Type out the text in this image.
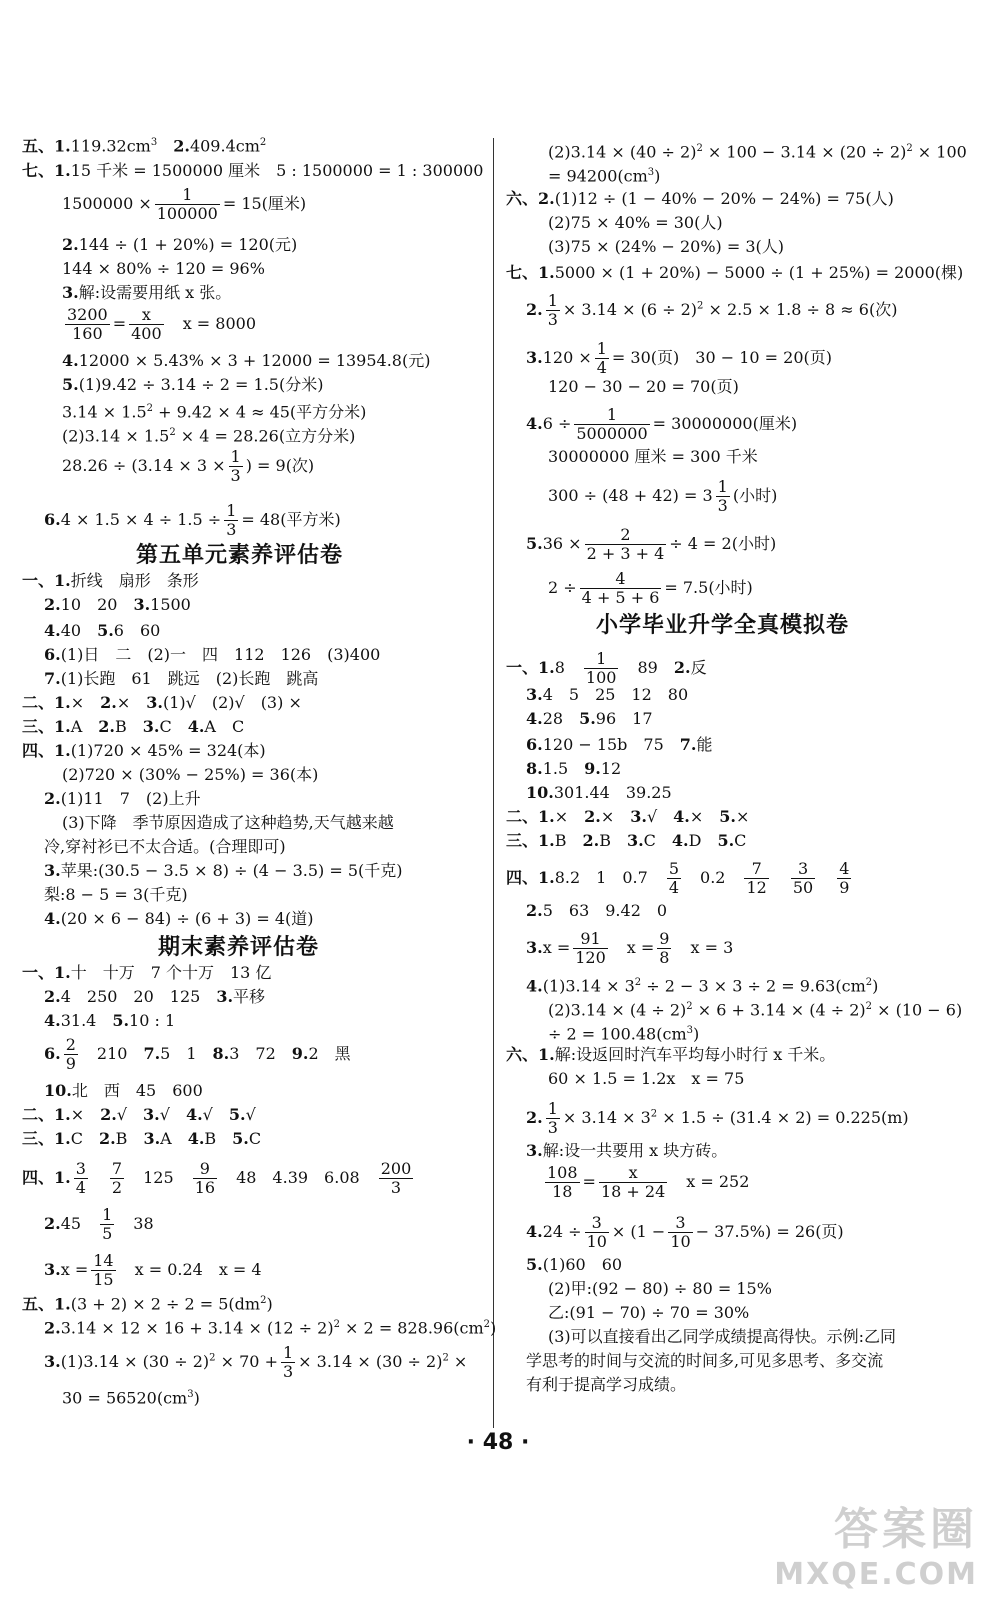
五、$1.119.32cm^3$　 $2.409.4cm^2$
七、1.15 千米 = 1500000 厘米　5 : 1500000 = 1 : 300000
$1500000 \times \frac{1}{100000} = 15$(厘米)
2.144 ÷ (1 + 20%) = 120(元)
144 × 80% ÷ 120 = 96%
3.解:设需要用纸 x 张。
$\frac{3200}{160} = \frac{x}{400}$
　 x = 8000
4.12000 × 5.43% × 3 + 12000 = 13954.8(元)
5.(1)9.42 ÷ 3.14 ÷ 2 = 1.5(分米)
$3.14 \times 1.5^2 + 9.42 \times 4 \approx 45$(平方分米)
$(2)3.14 \times 1.5^2 \times 4 = 28.26$(立方分米)
$28.26 \div (3.14 \times 3 \times \frac{1}{3}$ ) = 9(次)
$6.4 \times 1.5 \times 4 \div 1.5 \div \frac{1}{3} = 48$(平方米)
第五单元素养评估卷
一、1.折线　扇形　条形
2.10　20　3.1500
4.40　5.6　60
6.(1)日　二　(2)一　四　112　126　(3)400
7.(1)长跑　61　跳远　(2)长跑　跳高
二、1.×　2.×　3.(1)√　(2)√　(3) ×
三、1.A　2.B　3.C　4.A　C
四、1.(1)720 × 45% = 324(本)
(2)720 × (30% − 25%) = 36(本)
2.(1)11　7　(2)上升
(3)下降　季节原因造成了这种趋势,天气越来越
冷,穿衬衫已不太合适。(合理即可)
3.苹果:(30.5 − 3.5 × 8) ÷ (4 − 3.5) = 5(千克)
梨:8 − 5 = 3(千克)
4.(20 × 6 − 84) ÷ (6 + 3) = 4(道)
期末素养评估卷
一、1.十　十万　7 个十万　13 亿
2.4　250　20　125　3.平移
4.31.4　5.10 : 1
6. $\frac{2}{9}$
　 210　7.5　1　8.3　72　9.2　黑
10.北　西　45　600
二、1.×　2.√　3.√　4.√　5.√
三、1.C　2.B　3.A　4.B　5.C
四、1. $\frac{3}{4}$
　 $\frac{7}{2}$
　 125　 $\frac{9}{16}$
　 48　4.39　6.08　 $\frac{200}{3}$
2.45　 $\frac{1}{5}$
　 38
$3.x = \frac{14}{15}$
　 x = 0.24　x = 4
五、$1.(3 + 2) \times 2 \div 2 = 5(dm^2)$
$2.3.14 \times 12 \times 16 + 3.14 \times (12 \div 2)^2 \times 2 = 828.96(cm^2)$
$3.(1)3.14 \times (30 \div 2)^2 \times 70 + \frac{1}{3} \times 3.14 \times (30 \div 2)^2$ ×
$30 = 56520(cm^3)$
$(2)3.14 \times (40 \div 2)^2 \times 100 - 3.14 \times (20 \div 2)^2 \times 100$
= $94200(cm^3)$
六、2.(1)12 ÷ (1 − 40% − 20% − 24%) = 75(人)
(2)75 × 40% = 30(人)
(3)75 × (24% − 20%) = 3(人)
七、1.5000 × (1 + 20%) − 5000 ÷ (1 + 25%) = 2000(棵)
2. $\frac{1}{3} \times 3.14 \times (6 \div 2)^2 \times 2.5 \times 1.8 \div 8 \approx 6$(次)
$3.120 \times \frac{1}{4} = 30$(页)　30 − 10 = 20(页)
120 − 30 − 20 = 70(页)
$4.6 \div \frac{1}{5000000} = 30000000$(厘米)
30000000 厘米 = 300 千米
$300 \div (48 + 42) = 3 \frac{1}{3}$ (小时)
$5.36 \times \frac{2}{2 + 3 + 4} \div 4 = 2$(小时)
$2 \div \frac{4}{4 + 5 + 6} = 7.5$(小时)
小学毕业升学全真模拟卷
一、1.8　 $\frac{1}{100}$
　 89　2.反
3.4　5　25　12　80
4.28　5.96　17
6.120 − 15b　75　7.能
8.1.5　9.12
10.301.44　39.25
二、1.×　2.×　3.√　4.×　5.×
三、1.B　2.B　3.C　4.D　5.C
四、1.8.2　1　0.7　 $\frac{5}{4}$
　 0.2　 $\frac{7}{12}$
　 $\frac{3}{50}$
　 $\frac{4}{9}$
2.5　63　9.42　0
$3.x = \frac{91}{120}$
　 $x = \frac{9}{8}$
　 x = 3
$4.(1)3.14 \times 3^2 \div 2 - 3 \times 3 \div 2 = 9.63(cm^2)$
$(2)3.14 \times (4 \div 2)^2 \times 6 + 3.14 \times (4 \div 2)^2 \times (10 - 6)$
÷ $2 = 100.48(cm^3)$
六、1.解:设返回时汽车平均每小时行 x 千米。
60 × 1.5 = 1.2x　x = 75
2. $\frac{1}{3} \times 3.14 \times 3^2 \times 1.5 \div (31.4 \times 2) = 0.225(m)$
3.解:设一共要用 x 块方砖。
$\frac{108}{18} = \frac{x}{18 + 24}$
　 x = 252
$4.24 \div \frac{3}{10} \times (1 - \frac{3}{10} - 37.5\%) = 26$(页)
5.(1)60　60
(2)甲:(92 − 80) ÷ 80 = 15%
乙:(91 − 70) ÷ 70 = 30%
(3)可以直接看出乙同学成绩提高得快。示例:乙同
学思考的时间与交流的时间多,可见多思考、多交流
有利于提高学习成绩。
· 48 ·
答案圈
MXQE.COM
